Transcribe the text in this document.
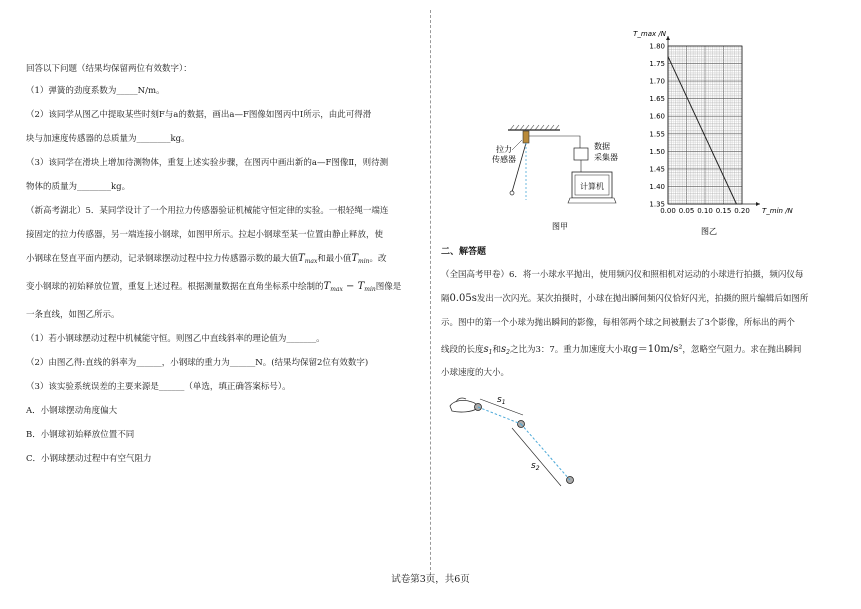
回答以下问题（结果均保留两位有效数字）：
（1）弹簧的劲度系数为_____N/m。
（2）该同学从图乙中提取某些时刻F与a的数据，画出a—F图像如图丙中Ⅰ所示，由此可得滑
块与加速度传感器的总质量为________kg。
（3）该同学在滑块上增加待测物体，重复上述实验步骤，在图丙中画出新的a—F图像Ⅱ，则待测
物体的质量为________kg。
（新高考湖北）5．某同学设计了一个用拉力传感器验证机械能守恒定律的实验。一根轻绳一端连
接固定的拉力传感器，另一端连接小钢球，如图甲所示。拉起小钢球至某一位置由静止释放，使
小钢球在竖直平面内摆动，记录钢球摆动过程中拉力传感器示数的最大值$T_{max}$和最小值$T_{min}$。改
变小钢球的初始释放位置，重复上述过程。根据测量数据在直角坐标系中绘制的$T_{max} - T_{min}$图像是
一条直线，如图乙所示。
（1）若小钢球摆动过程中机械能守恒。则图乙中直线斜率的理论值为_______。
（2）由图乙得:直线的斜率为______，小钢球的重力为______N。(结果均保留2位有效数字)
（3）该实验系统误差的主要来源是______（单选，填正确答案标号）。
A．小钢球摆动角度偏大
B．小钢球初始释放位置不同
C．小钢球摆动过程中有空气阻力
数据
采集器
计算机
拉力
传感器
图甲
1.35
1.40
1.45
1.50
1.55
1.60
1.65
1.70
1.75
1.80
0.00 0.05 0.10 0.15 0.20
T_max /N
T_min /N
图乙
二、解答题
（全国高考甲卷）6．将一小球水平抛出，使用频闪仪和照相机对运动的小球进行拍摄，频闪仪每
隔0.05s发出一次闪光。某次拍摄时，小球在抛出瞬间频闪仪恰好闪光，拍摄的照片编辑后如图所
示。图中的第一个小球为抛出瞬间的影像，每相邻两个球之间被删去了3个影像，所标出的两个
线段的长度$s_1$和$s_2$之比为3：7。重力加速度大小取g＝10m/s²，忽略空气阻力。求在抛出瞬间
小球速度的大小。
$s_1$
$s_2$
试卷第3页，共6页
